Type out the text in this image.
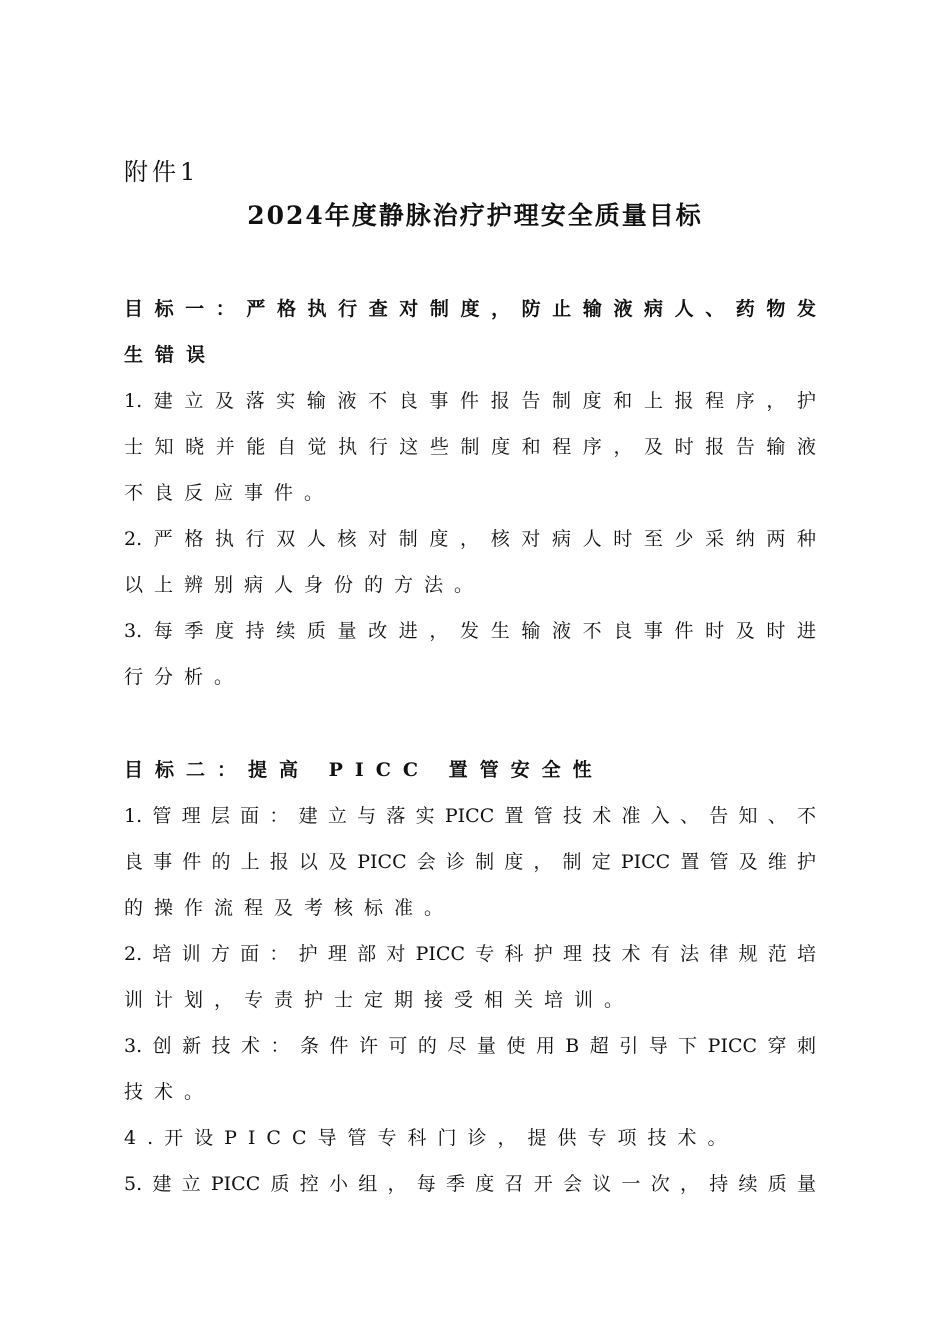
附件1
2024年度静脉治疗护理安全质量目标
目标一：严格执行查对制度，防止输液病人、药物发
生错误
1.建立及落实输液不良事件报告制度和上报程序，护
士知晓并能自觉执行这些制度和程序，及时报告输液
不良反应事件。
2.严格执行双人核对制度，核对病人时至少采纳两种
以上辨别病人身份的方法。
3.每季度持续质量改进，发生输液不良事件时及时进
行分析。
目标二：提高 PICC 置管安全性
1.管理层面：建立与落实PICC置管技术准入、告知、不
良事件的上报以及PICC会诊制度，制定PICC置管及维护
的操作流程及考核标准。
2.培训方面：护理部对PICC专科护理技术有法律规范培
训计划，专责护士定期接受相关培训。
3.创新技术：条件许可的尽量使用B超引导下PICC穿刺
技术。
4.开设PICC导管专科门诊，提供专项技术。
5.建立PICC质控小组，每季度召开会议一次，持续质量
